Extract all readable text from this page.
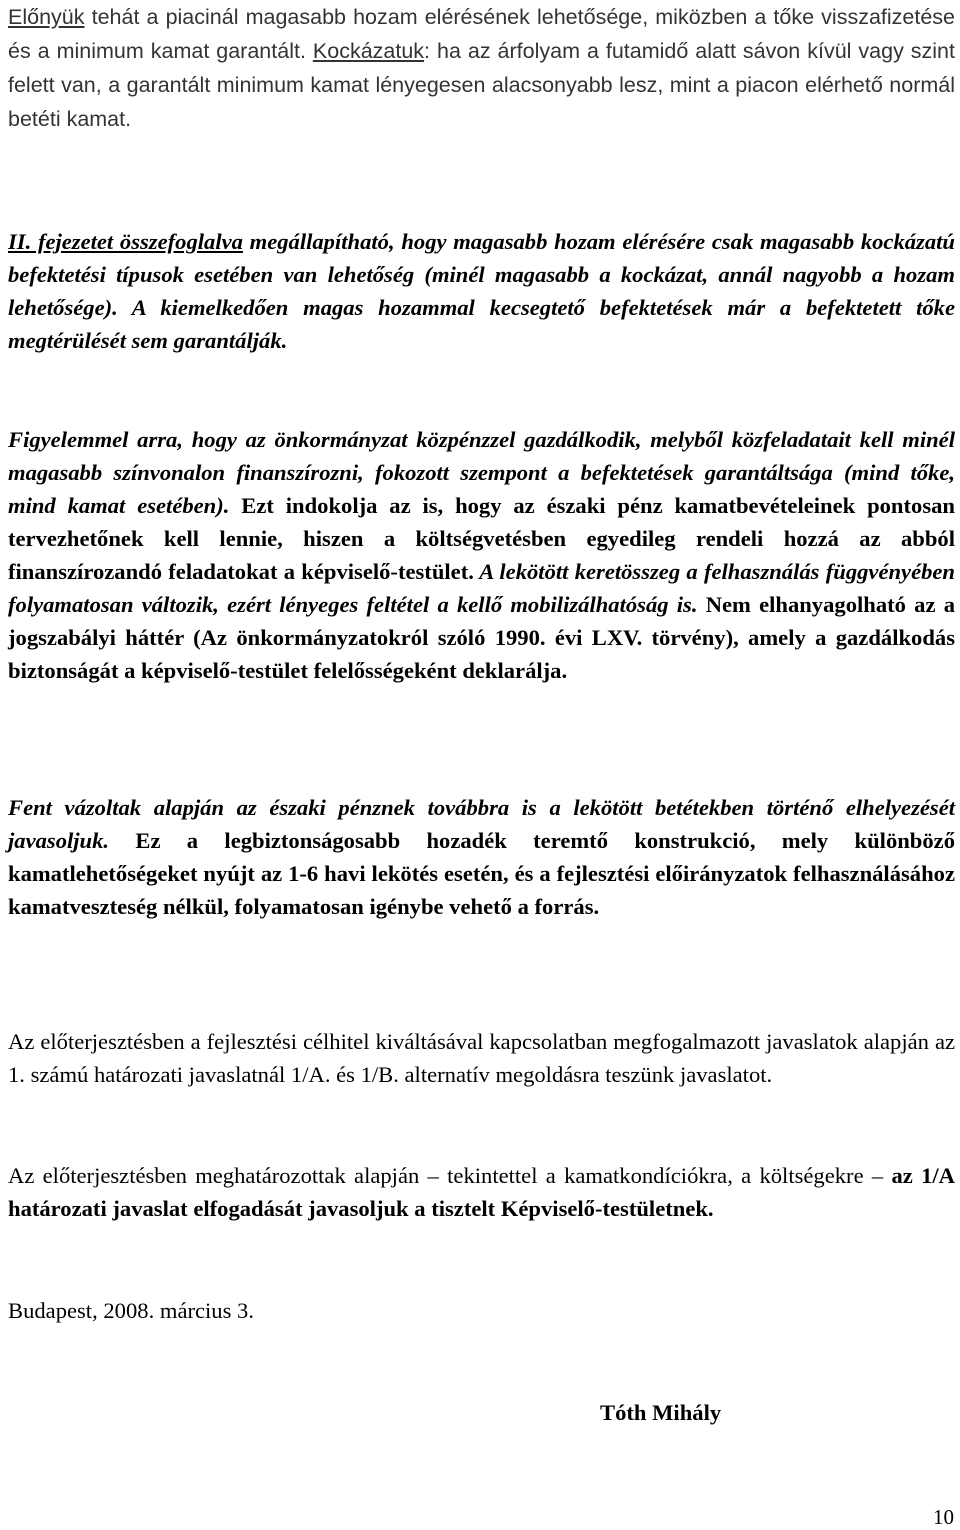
Előnyük tehát a piacinál magasabb hozam elérésének lehetősége, miközben a tőke visszafizetése és a minimum kamat garantált. Kockázatuk: ha az árfolyam a futamidő alatt sávon kívül vagy szint felett van, a garantált minimum kamat lényegesen alacsonyabb lesz, mint a piacon elérhető normál betéti kamat.

II. fejezetet összefoglalva megállapítható, hogy magasabb hozam elérésére csak magasabb kockázatú befektetési típusok esetében van lehetőség (minél magasabb a kockázat, annál nagyobb a hozam lehetősége). A kiemelkedően magas hozammal kecsegtető befektetések már a befektetett tőke megtérülését sem garantálják.

Figyelemmel arra, hogy az önkormányzat közpénzzel gazdálkodik, melyből közfeladatait kell minél magasabb színvonalon finanszírozni, fokozott szempont a befektetések garantáltsága (mind tőke, mind kamat esetében). Ezt indokolja az is, hogy az északi pénz kamatbevételeinek pontosan tervezhetőnek kell lennie, hiszen a költségvetésben egyedileg rendeli hozzá az abból finanszírozandó feladatokat a képviselő-testület. A lekötött keretösszeg a felhasználás függvényében folyamatosan változik, ezért lényeges feltétel a kellő mobilizálhatóság is. Nem elhanyagolható az a jogszabályi háttér (Az önkormányzatokról szóló 1990. évi LXV. törvény), amely a gazdálkodás biztonságát a képviselő-testület felelősségeként deklarálja.

Fent vázoltak alapján az északi pénznek továbbra is a lekötött betétekben történő elhelyezését javasoljuk. Ez a legbiztonságosabb hozadék teremtő konstrukció, mely különböző kamatlehetőségeket nyújt az 1-6 havi lekötés esetén, és a fejlesztési előirányzatok felhasználásához kamatveszteség nélkül, folyamatosan igénybe vehető a forrás.

Az előterjesztésben a fejlesztési célhitel kiváltásával kapcsolatban megfogalmazott javaslatok alapján az 1. számú határozati javaslatnál 1/A. és 1/B. alternatív megoldásra teszünk javaslatot.

Az előterjesztésben meghatározottak alapján – tekintettel a kamatkondíciókra, a költségekre – az 1/A határozati javaslat elfogadását javasoljuk a tisztelt Képviselő-testületnek.

Budapest, 2008. március 3.

Tóth Mihály

10
